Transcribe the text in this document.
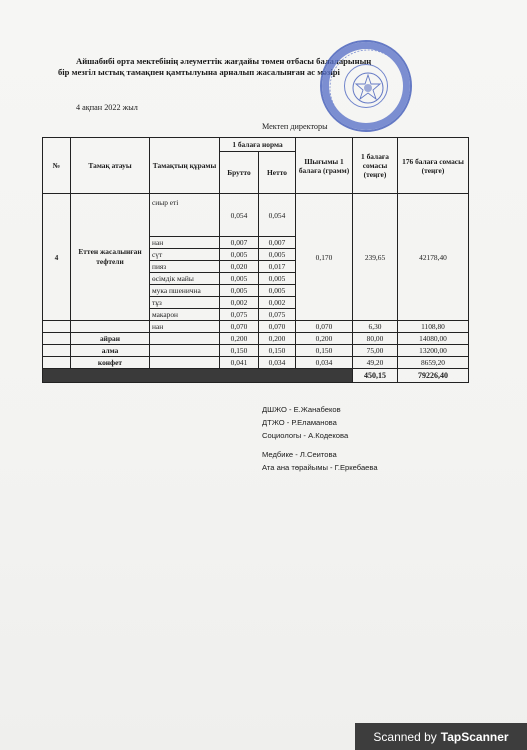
Айшабибі орта мектебінің әлеуметтік жағдайы төмен отбасы балаларының
бір мезгіл ыстық тамақпен қамтылуына арналып жасалынған ас мәзірі
4 ақпан 2022 жыл
Мектеп директоры
№	Тамақ атауы	Тамақтың құрамы	1 балаға норма		Шығымы 1 балаға (грамм)	1 балаға сомасы (теңге)	176 балаға сомасы (теңге)
			Брутто	Нетто			
4	Еттен жасалынған тефтели	сиыр еті	0,054	0,054	0,170	239,65	42178,40
		нан	0,007	0,007			
		сүт	0,005	0,005			
		пияз	0,020	0,017			
		өсімдік майы	0,005	0,005			
		мука пшенична	0,005	0,005			
		тұз	0,002	0,002			
		макарон	0,075	0,075			
		нан	0,070	0,070	0,070	6,30	1108,80
	айран		0,200	0,200	0,200	80,00	14080,00
	алма		0,150	0,150	0,150	75,00	13200,00
	конфет		0,041	0,034	0,034	49,20	8659,20
						450,15	79226,40
ДШЖО - Е.Жанабеков
ДТЖО - Р.Еламанова
Социологы - А.Кодекова
Медбике - Л.Сеитова
Ата ана төрайымы - Г.Еркебаева
Scanned by TapScanner
